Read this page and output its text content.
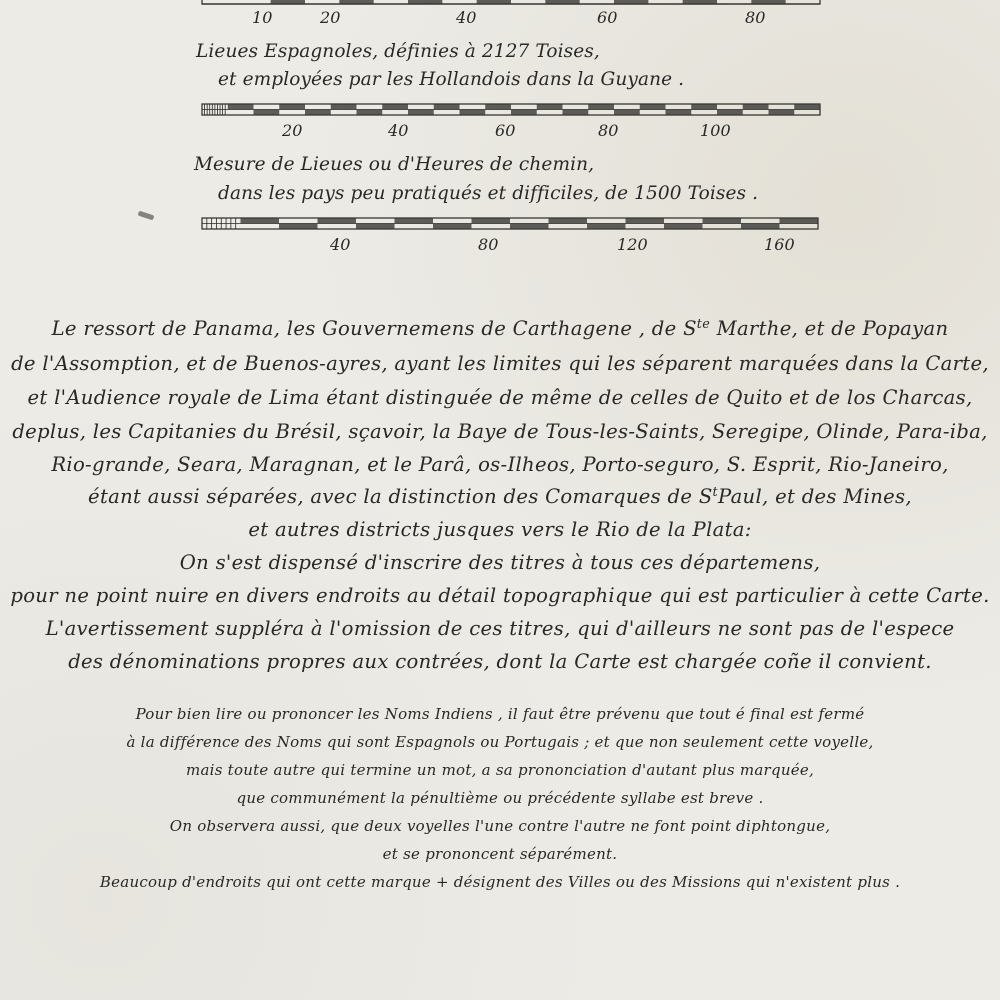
10	20	40	60	80
Lieues Espagnoles, définies à 2127 Toises,
et employées par les Hollandois dans la Guyane .
20	40	60	80	100
Mesure de Lieues ou d'Heures de chemin,
dans les pays peu pratiqués et difficiles, de 1500 Toises .
40	80	120	160
Le ressort de Panama, les Gouvernemens de Carthagene , de $S^{te}$ Marthe, et de Popayan
de l'Assomption, et de Buenos-ayres, ayant les limites qui les séparent marquées dans la Carte,
et l'Audience royale de Lima étant distinguée de même de celles de Quito et de los Charcas,
deplus, les Capitanies du Brésil, sçavoir, la Baye de Tous-les-Saints, Seregipe, Olinde, Para-iba,
Rio-grande, Seara, Maragnan, et le Parâ, os-Ilheos, Porto-seguro, S. Esprit, Rio-Janeiro,
étant aussi séparées, avec la distinction des Comarques de $S^tPaul$, et des Mines,
et autres districts jusques vers le Rio de la Plata:
On s'est dispensé d'inscrire des titres à tous ces départemens,
pour ne point nuire en divers endroits au détail topographique qui est particulier à cette Carte.
L'avertissement suppléra à l'omission de ces titres, qui d'ailleurs ne sont pas de l'espece
des dénominations propres aux contrées, dont la Carte est chargée coñe il convient.
Pour bien lire ou prononcer les Noms Indiens , il faut être prévenu que tout é final est fermé
à la différence des Noms qui sont Espagnols ou Portugais ; et que non seulement cette voyelle,
mais toute autre qui termine un mot, a sa prononciation d'autant plus marquée,
que communément la pénultième ou précédente syllabe est breve .
On observera aussi, que deux voyelles l'une contre l'autre ne font point diphtongue,
et se prononcent séparément.
Beaucoup d'endroits qui ont cette marque + désignent des Villes ou des Missions qui n'existent plus .
